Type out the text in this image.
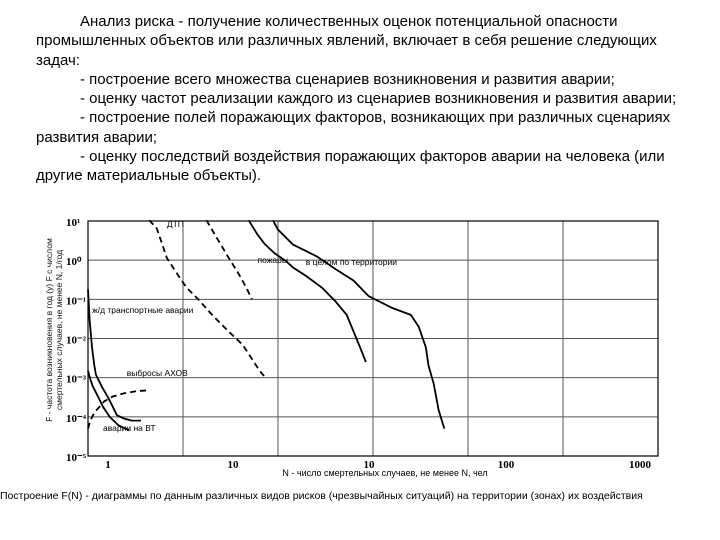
Анализ риска - получение количественных оценок потенциальной опасности промышленных объектов или различных явлений, включает в себя решение следующих задач:

- построение всего множества сценариев возникновения и развития аварии;

- оценку частот реализации каждого из сценариев возникновения и развития аварии;

- построение полей поражающих факторов, возникающих при различных сценариях развития аварии;

- оценку последствий воздействия поражающих факторов аварии на человека (или другие материальные объекты).

10¹
10⁰
10⁻¹
10⁻²
10⁻³
10⁻⁴
10⁻⁵
1	10	10	100	1000
N - число смертельных случаев, не менее N, чел
ДТП
пожары в целом по территории
ж/д транспортные аварии
выбросы АХОВ
аварии на ВТ
F - частота возникновения в год (у) F с числом смертельных случаев, не менее N, 1/год
Построение F(N) - диаграммы по данным различных видов рисков (чрезвычайных ситуаций) на территории (зонах) их воздействия
